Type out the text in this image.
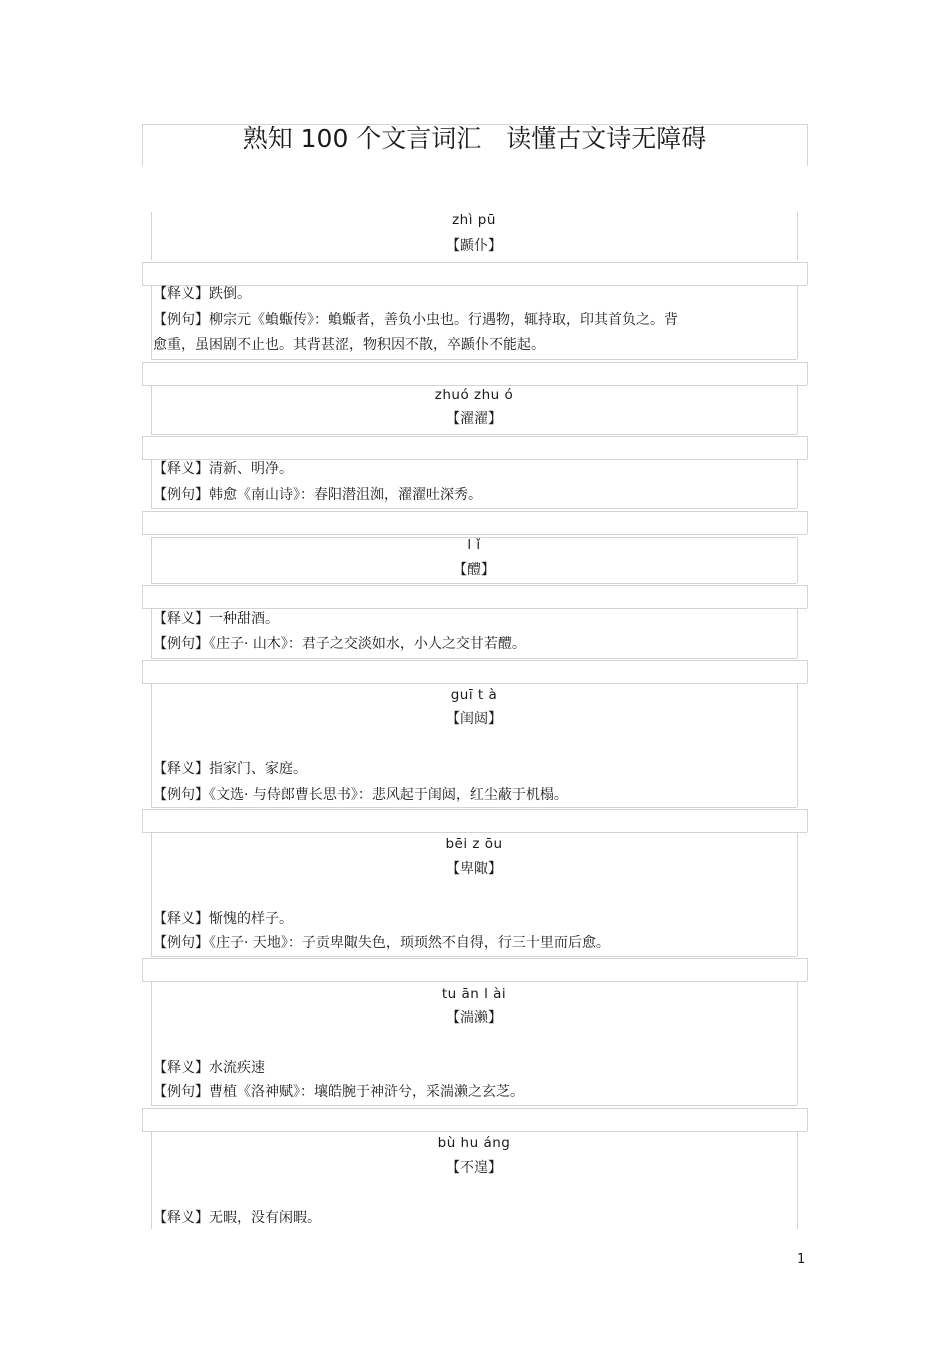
熟知 100 个文言词汇　读懂古文诗无障碍
zhì pū
【踬仆】
【释义】跌倒。
【例句】柳宗元《蝜蝂传》：蝜蝂者，善负小虫也。行遇物，辄持取，印其首负之。背
愈重，虽困剧不止也。其背甚涩，物积因不散，卒踬仆不能起。
zhuó zhu ó
【濯濯】
【释义】清新、明净。
【例句】韩愈《南山诗》：春阳潜沮洳，濯濯吐深秀。
l ǐ
【醴】
【释义】一种甜酒。
【例句】《庄子· 山木》：君子之交淡如水，小人之交甘若醴。
guī t à
【闺闼】
【释义】指家门、家庭。
【例句】《文选· 与侍郎曹长思书》：悲风起于闺闼，红尘蔽于机榻。
bēi z ōu
【卑陬】
【释义】惭愧的样子。
【例句】《庄子· 天地》：子贡卑陬失色，顼顼然不自得，行三十里而后愈。
tu ān l ài
【湍濑】
【释义】水流疾速
【例句】曹植《洛神赋》：壤皓腕于神浒兮，采湍濑之玄芝。
bù hu áng
【不遑】
【释义】无暇，没有闲暇。
1
